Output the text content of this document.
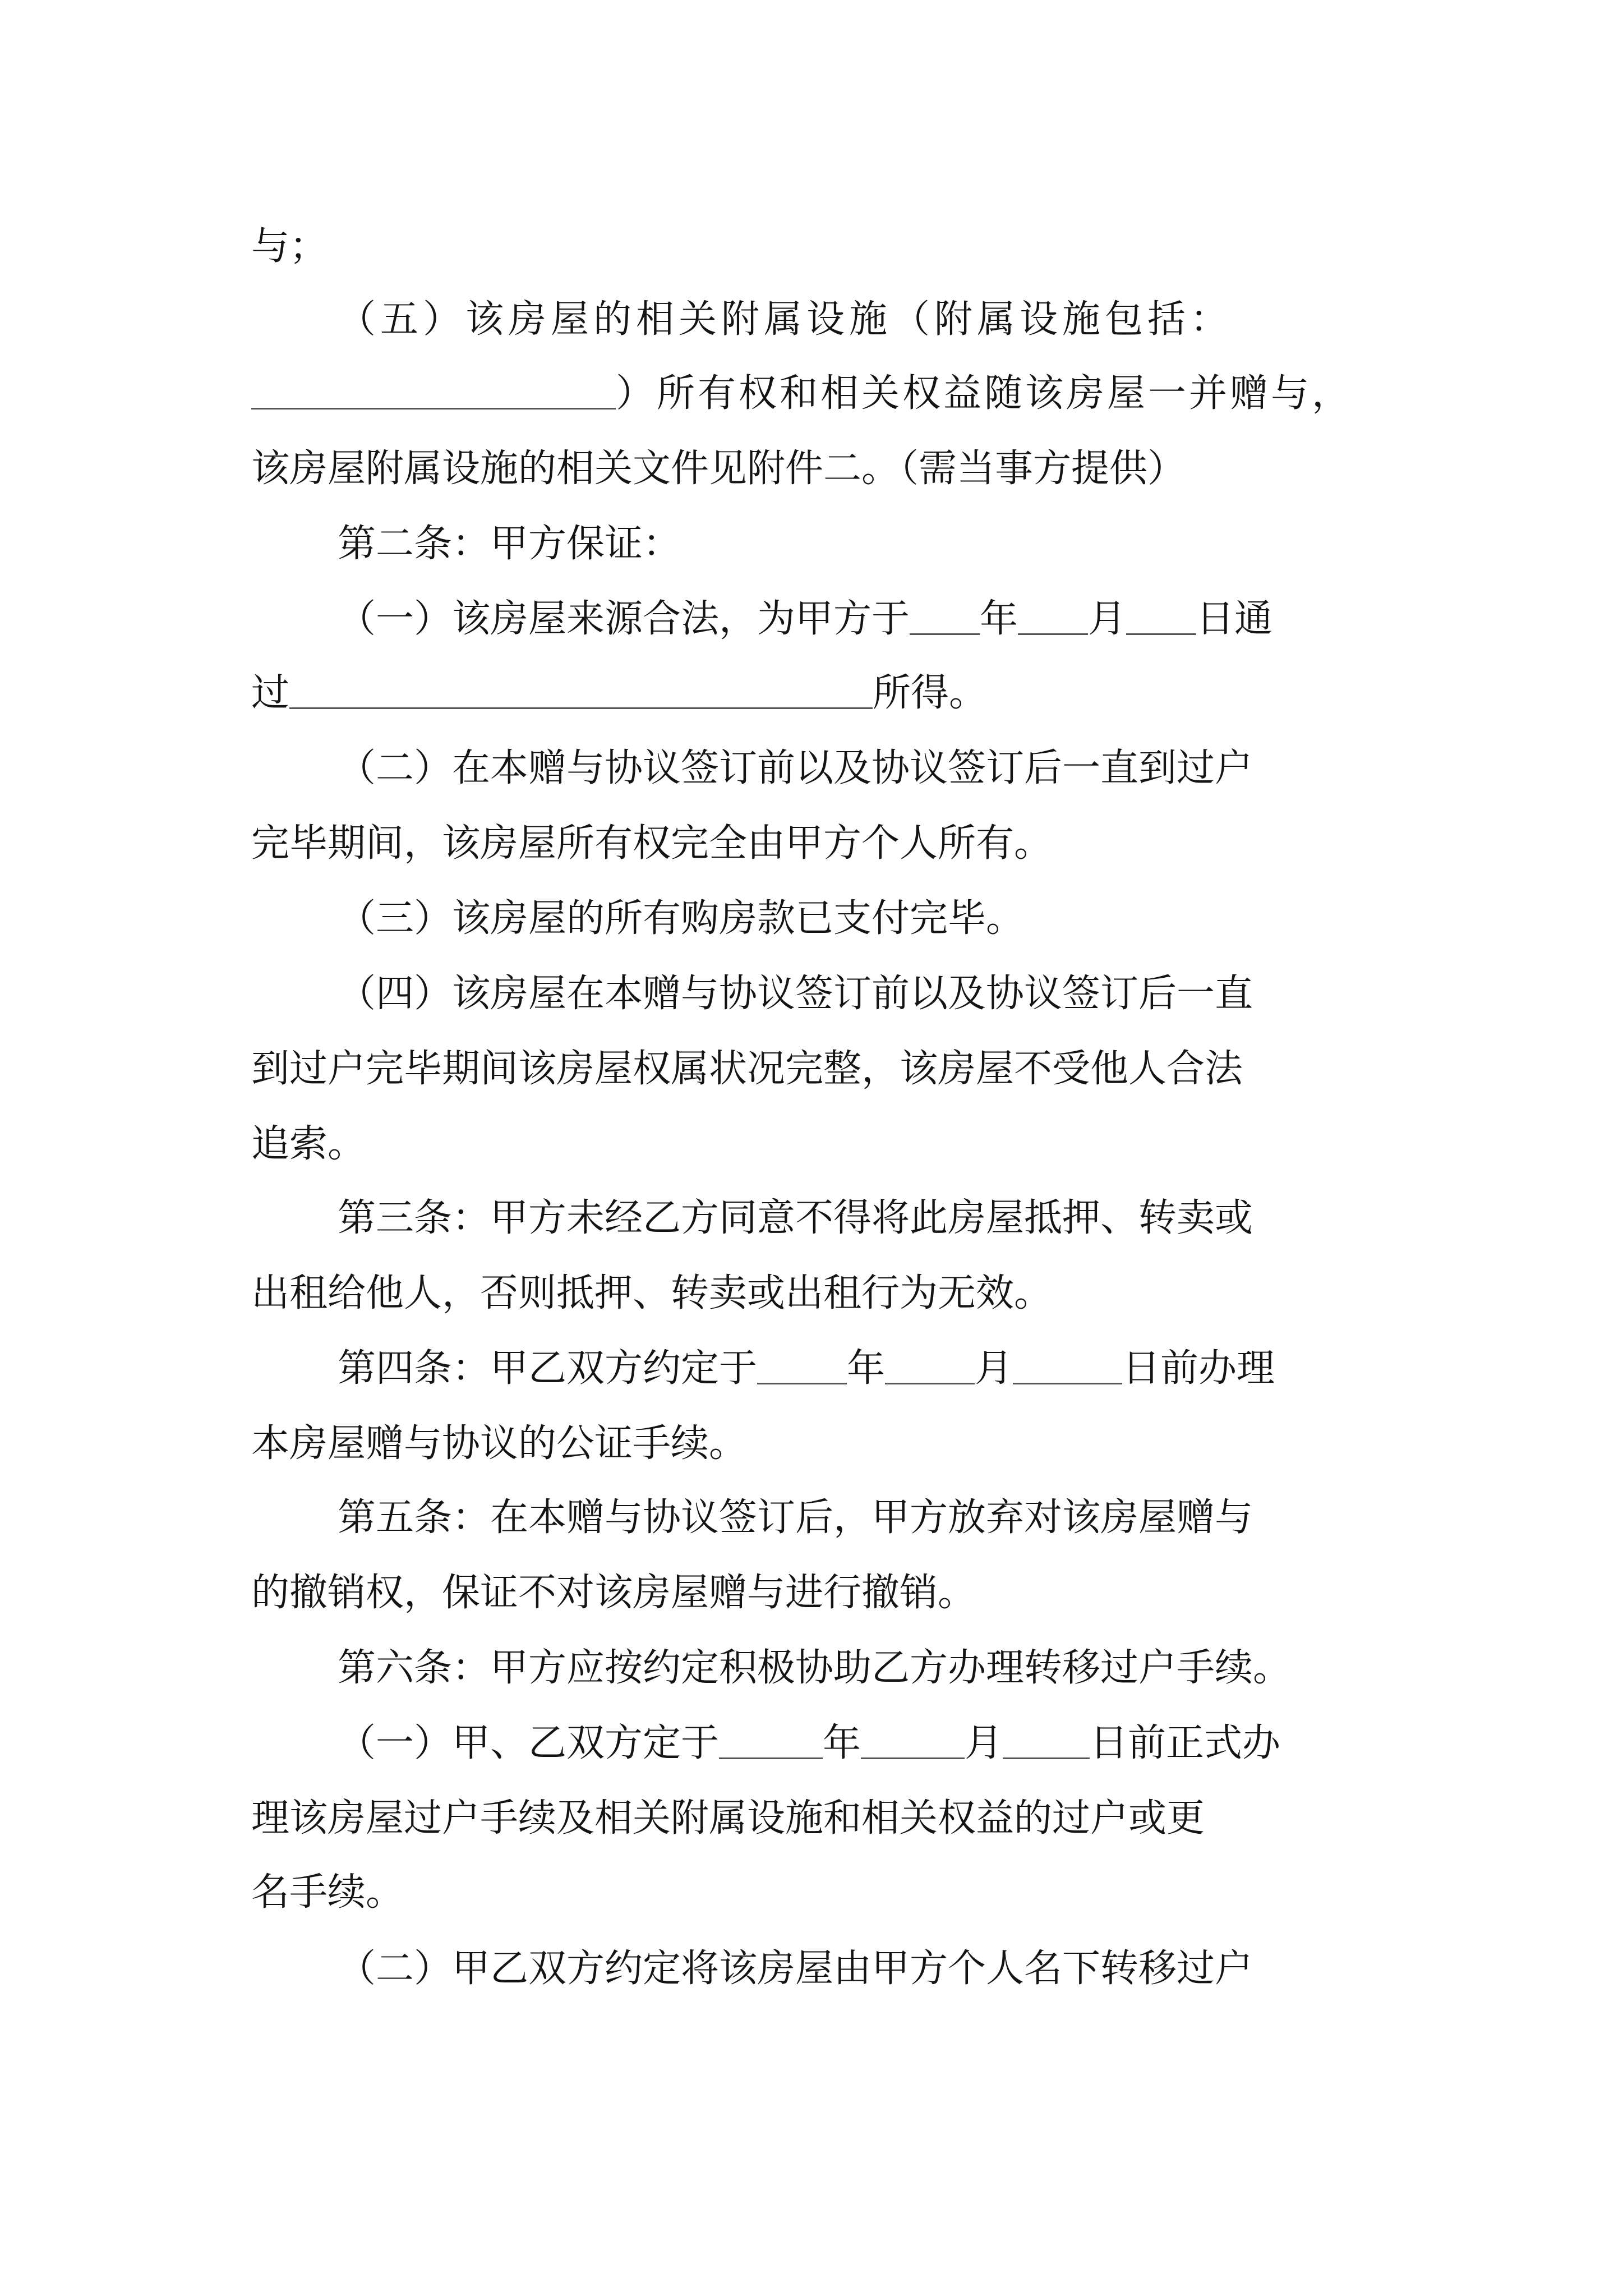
与；
（五）该房屋的相关附属设施（附属设施包括：
）所有权和相关权益随该房屋一并赠与，
该房屋附属设施的相关文件见附件二。（需当事方提供）
第二条：甲方保证：
（一）该房屋来源合法，为甲方于 年 月 日通
过	所得。
（二）在本赠与协议签订前以及协议签订后一直到过户
完毕期间，该房屋所有权完全由甲方个人所有。
（三）该房屋的所有购房款已支付完毕。
（四）该房屋在本赠与协议签订前以及协议签订后一直
到过户完毕期间该房屋权属状况完整，该房屋不受他人合法
追索。
第三条：甲方未经乙方同意不得将此房屋抵押、转卖或
出租给他人，否则抵押、转卖或出租行为无效。
第四条：甲乙双方约定于 年 月	日前办理
本房屋赠与协议的公证手续。
第五条：在本赠与协议签订后，甲方放弃对该房屋赠与
的撤销权，保证不对该房屋赠与进行撤销。
第六条：甲方应按约定积极协助乙方办理转移过户手续。
（一）甲、乙双方定于	年	月 日前正式办
理该房屋过户手续及相关附属设施和相关权益的过户或更
名手续。
（二）甲乙双方约定将该房屋由甲方个人名下转移过户
